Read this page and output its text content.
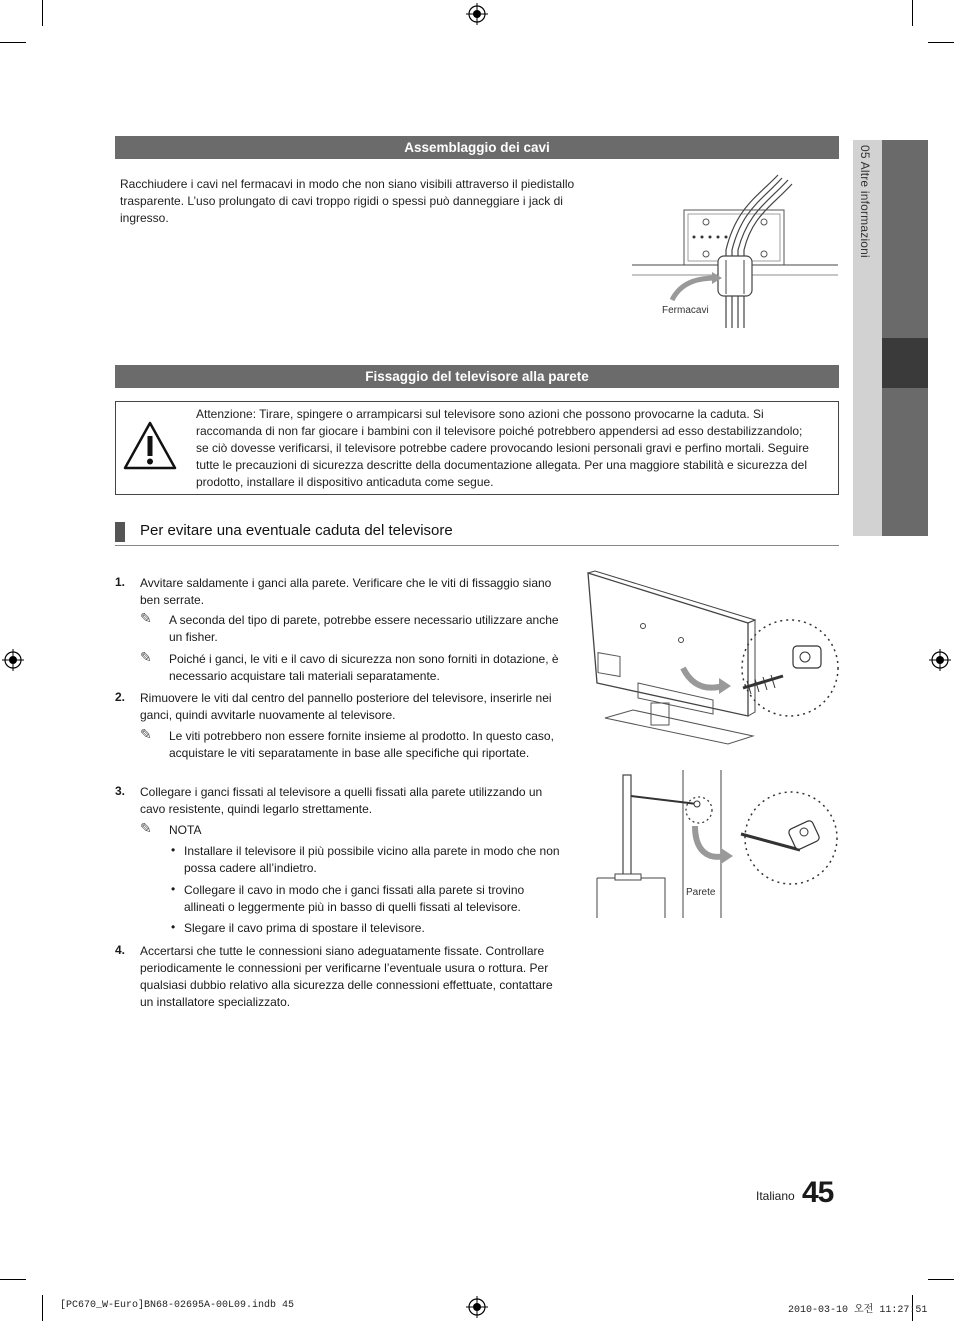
05 Altre informazioni
Assemblaggio dei cavi
Racchiudere i cavi nel fermacavi in modo che non siano visibili attraverso il piedistallo trasparente. L’uso prolungato di cavi troppo rigidi o spessi può danneggiare i jack di ingresso.
Fermacavi
Fissaggio del televisore alla parete
Attenzione: Tirare, spingere o arrampicarsi sul televisore sono azioni che possono provocarne la caduta. Si raccomanda di non far giocare i bambini con il televisore poiché potrebbero appendersi ad esso destabilizzandolo; se ciò dovesse verificarsi, il televisore potrebbe cadere provocando lesioni personali gravi e perfino mortali. Seguire tutte le precauzioni di sicurezza descritte della documentazione allegata. Per una maggiore stabilità e sicurezza del prodotto, installare il dispositivo anticaduta come segue.
Per evitare una eventuale caduta del televisore
1. Avvitare saldamente i ganci alla parete. Verificare che le viti di fissaggio siano ben serrate.
✎ A seconda del tipo di parete, potrebbe essere necessario utilizzare anche un fisher.
✎ Poiché i ganci, le viti e il cavo di sicurezza non sono forniti in dotazione, è necessario acquistare tali materiali separatamente.
2. Rimuovere le viti dal centro del pannello posteriore del televisore, inserirle nei ganci, quindi avvitarle nuovamente al televisore.
✎ Le viti potrebbero non essere fornite insieme al prodotto. In questo caso, acquistare le viti separatamente in base alle specifiche qui riportate.
3. Collegare i ganci fissati al televisore a quelli fissati alla parete utilizzando un cavo resistente, quindi legarlo strettamente.
✎ NOTA
• Installare il televisore il più possibile vicino alla parete in modo che non possa cadere all’indietro.
• Collegare il cavo in modo che i ganci fissati alla parete si trovino allineati o leggermente più in basso di quelli fissati al televisore.
• Slegare il cavo prima di spostare il televisore.
4. Accertarsi che tutte le connessioni siano adeguatamente fissate. Controllare periodicamente le connessioni per verificarne l’eventuale usura o rottura. Per qualsiasi dubbio relativo alla sicurezza delle connessioni effettuate, contattare un installatore specializzato.
Parete
Italiano 45
[PC670_W-Euro]BN68-02695A-00L09.indb 45	2010-03-10 오전 11:27:51
